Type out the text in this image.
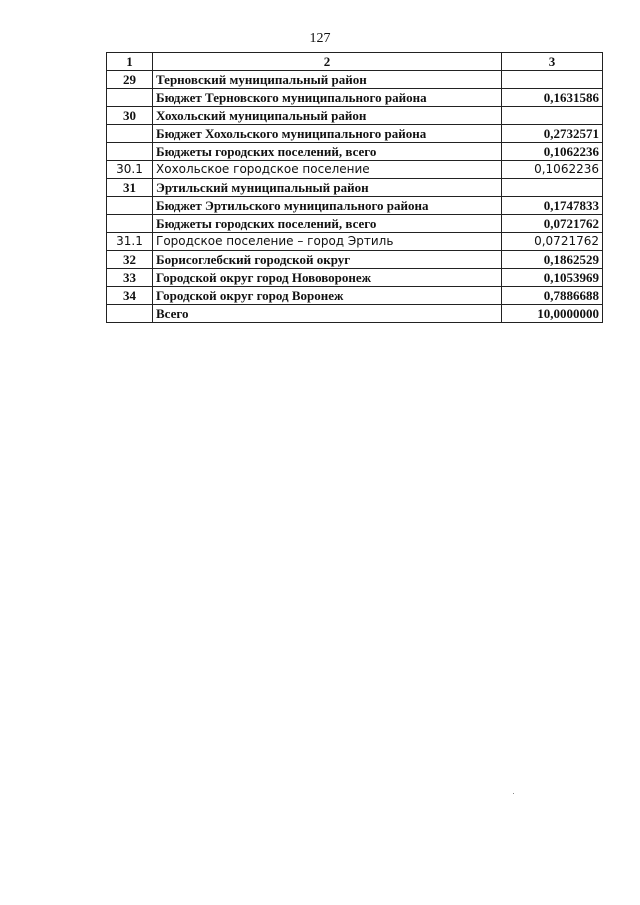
127
1	2	3
29	Терновский муниципальный район	
	Бюджет Терновского муниципального района	0,1631586
30	Хохольский муниципальный район	
	Бюджет Хохольского муниципального района	0,2732571
	Бюджеты городских поселений, всего	0,1062236
30.1	Хохольское городское поселение	0,1062236
31	Эртильский муниципальный район	
	Бюджет Эртильского муниципального района	0,1747833
	Бюджеты городских поселений, всего	0,0721762
31.1	Городское поселение – город Эртиль	0,0721762
32	Борисоглебский городской округ	0,1862529
33	Городской округ город Нововоронеж	0,1053969
34	Городской округ город Воронеж	0,7886688
	Всего	10,0000000
